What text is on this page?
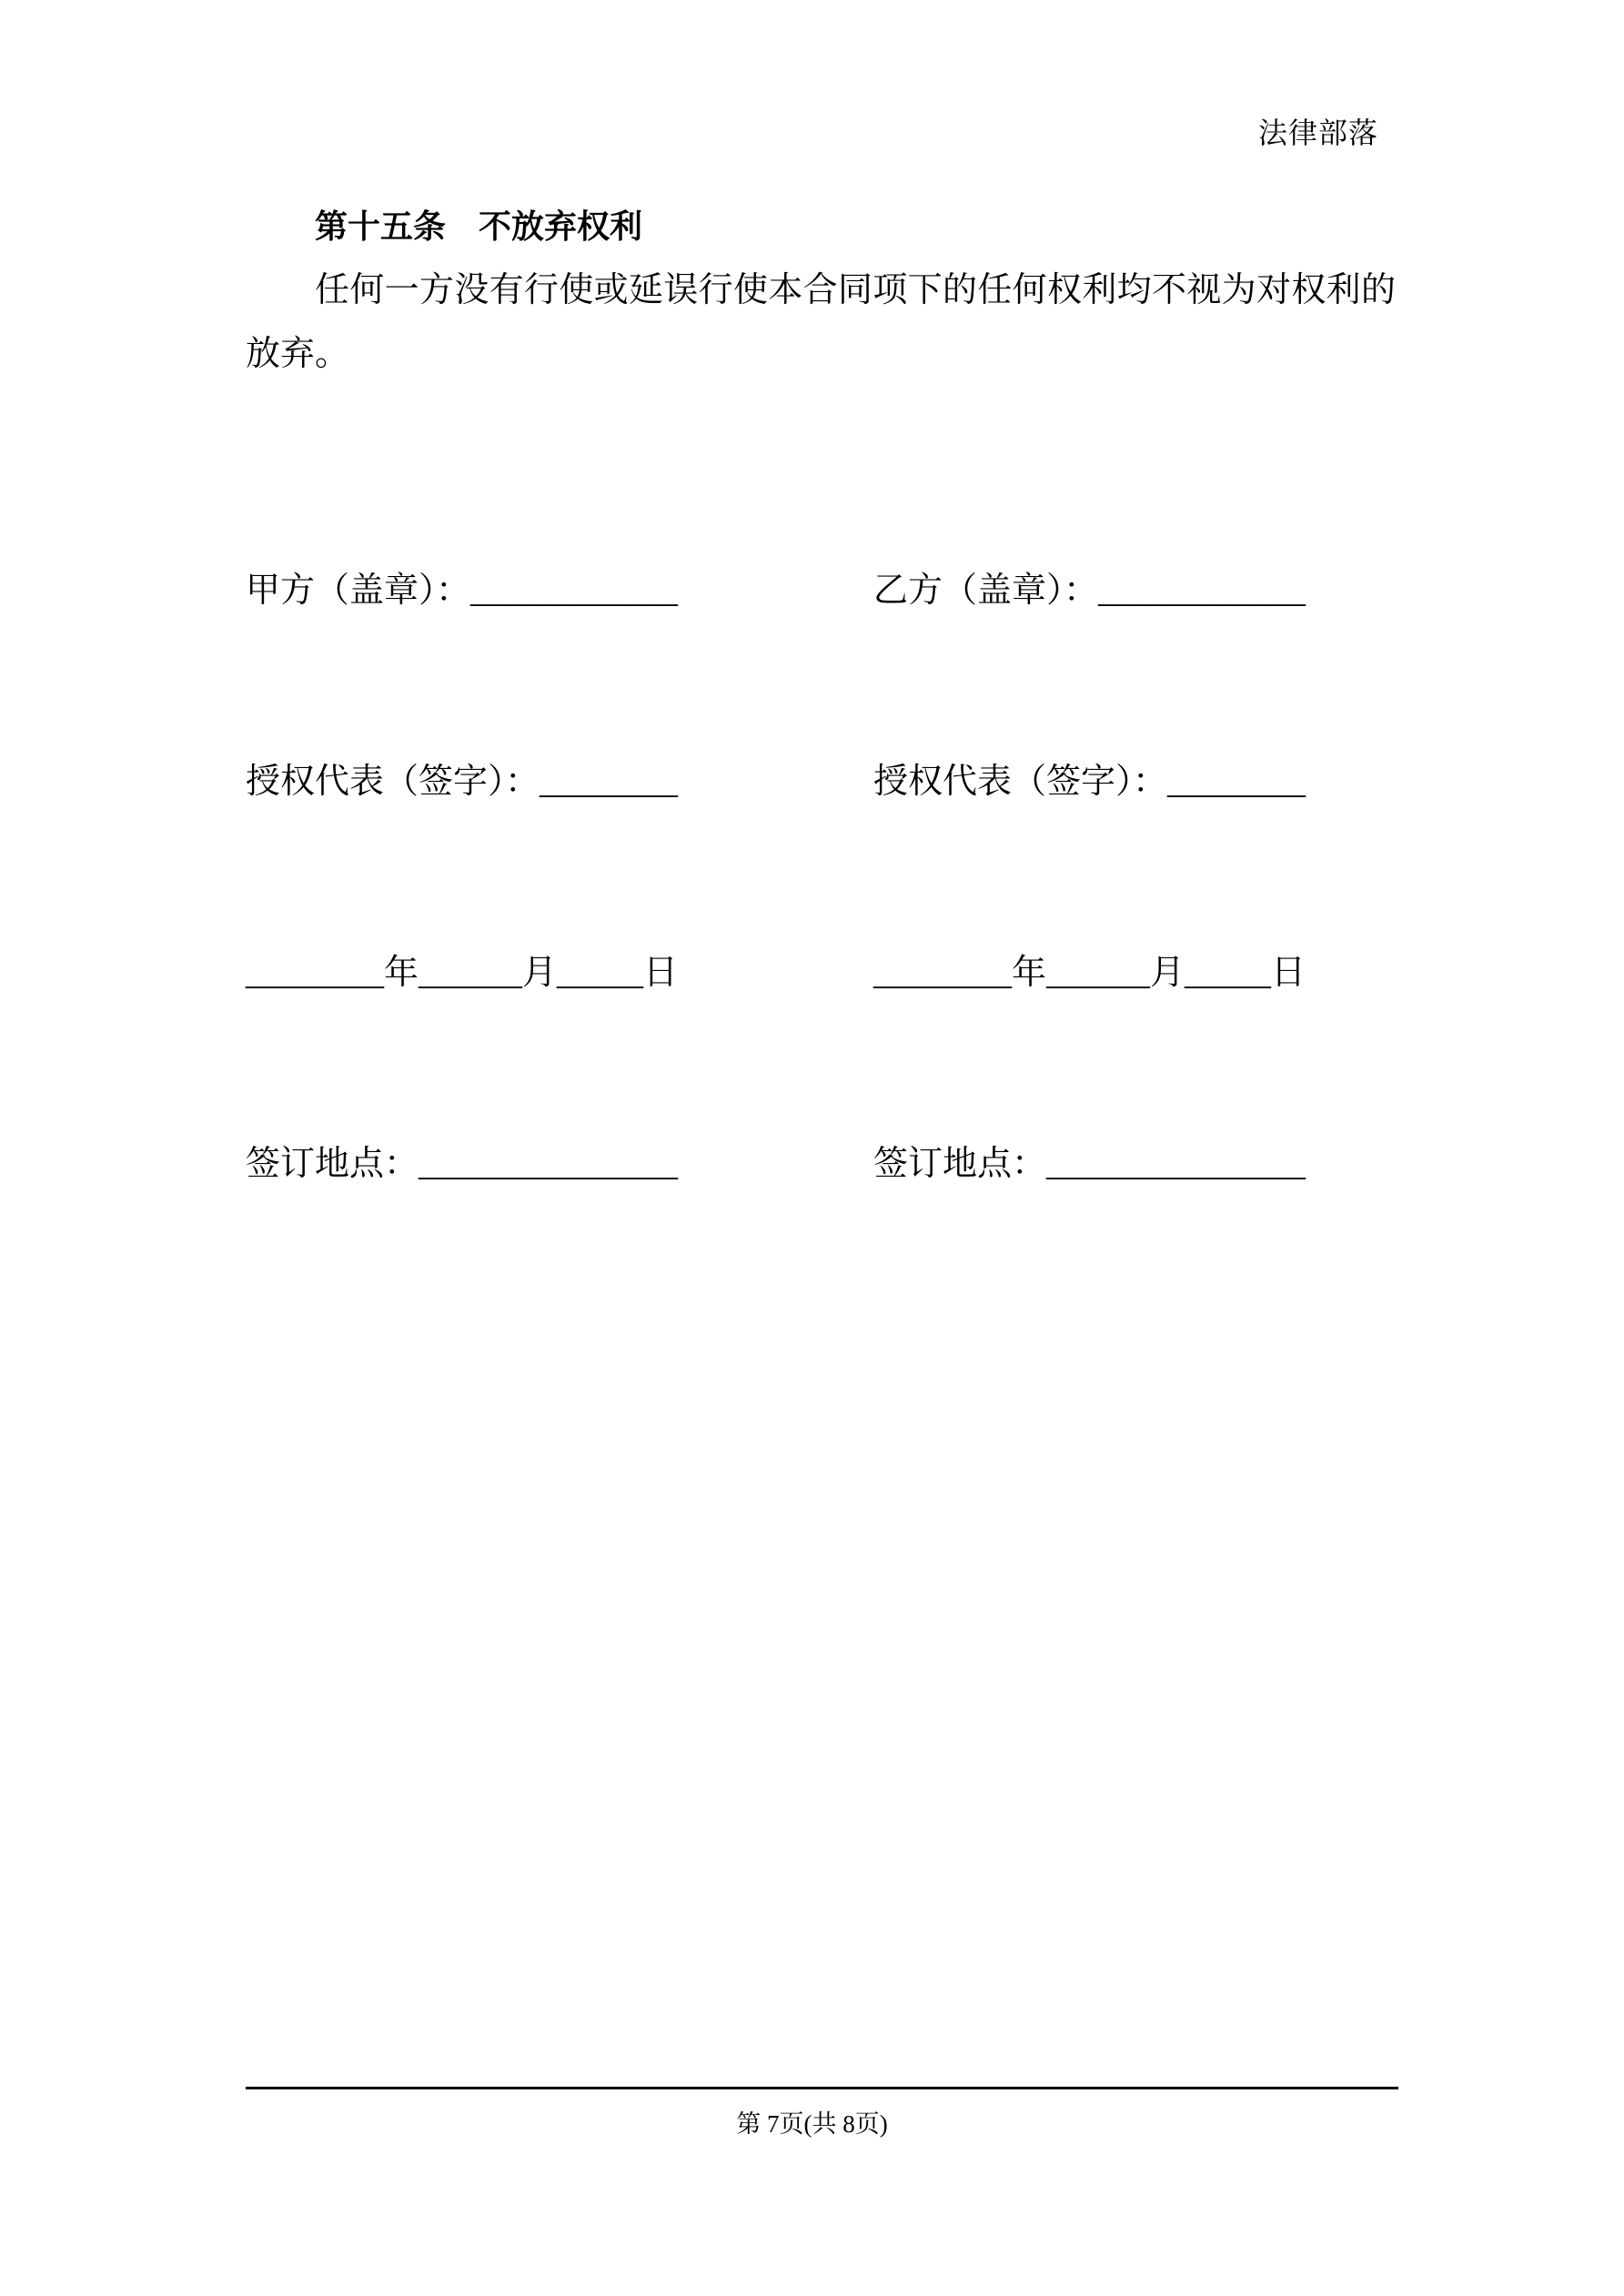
法律部落
第十五条　不放弃权利
任何一方没有行使或延误行使本合同项下的任何权利均不视为对权利的放弃。

甲方（盖章）：____________

授权代表（签字）：________

________年______月_____日

签订地点：_______________

乙方（盖章）：____________

授权代表（签字）：________

________年______月_____日

签订地点：_______________

第 7页(共 8页)
